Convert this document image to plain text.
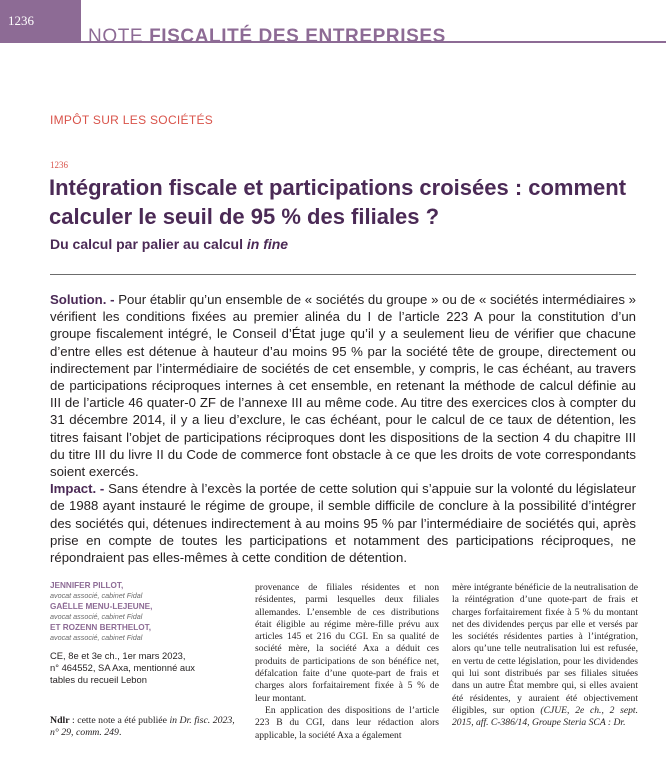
1236
NOTE FISCALITÉ DES ENTREPRISES
IMPÔT SUR LES SOCIÉTÉS
1236
Intégration fiscale et participations croisées : comment calculer le seuil de 95 % des filiales ?
Du calcul par palier au calcul in fine

Solution. - Pour établir qu’un ensemble de « sociétés du groupe » ou de « sociétés intermédiaires » vérifient les conditions fixées au premier alinéa du I de l’article 223 A pour la constitution d’un groupe fiscalement intégré, le Conseil d’État juge qu’il y a seulement lieu de vérifier que chacune d’entre elles est détenue à hauteur d’au moins 95 % par la société tête de groupe, directement ou indirectement par l’intermédiaire de sociétés de cet ensemble, y compris, le cas échéant, au travers de participations réciproques internes à cet ensemble, en retenant la méthode de calcul définie au III de l’article 46 quater-0 ZF de l’annexe III au même code. Au titre des exercices clos à compter du 31 décembre 2014, il y a lieu d’exclure, le cas échéant, pour le calcul de ce taux de détention, les titres faisant l’objet de participations réciproques dont les dispositions de la section 4 du chapitre III du titre III du livre II du Code de commerce font obstacle à ce que les droits de vote correspondants soient exercés.

Impact. - Sans étendre à l’excès la portée de cette solution qui s’appuie sur la volonté du législateur de 1988 ayant instauré le régime de groupe, il semble difficile de conclure à la possibilité d’intégrer des sociétés qui, détenues indirectement à au moins 95 % par l’intermédiaire de sociétés qui, après prise en compte de toutes les participations et notamment des participations réciproques, ne répondraient pas elles-mêmes à cette condition de détention.

JENNIFER PILLOT,
avocat associé, cabinet Fidal
GAËLLE MENU-LEJEUNE,
avocat associé, cabinet Fidal
ET ROZENN BERTHELOT,
avocat associé, cabinet Fidal

CE, 8e et 3e ch., 1er mars 2023,
n° 464552, SA Axa, mentionné aux
tables du recueil Lebon

Ndlr : cette note a été publiée in Dr. fisc. 2023, n° 29, comm. 249.

provenance de filiales résidentes et non résidentes, parmi lesquelles deux filiales allemandes. L’ensemble de ces distributions était éligible au régime mère-fille prévu aux articles 145 et 216 du CGI. En sa qualité de société mère, la société Axa a déduit ces produits de participations de son bénéfice net, défalcation faite d’une quote-part de frais et charges alors forfaitairement fixée à 5 % de leur montant.

En application des dispositions de l’article 223 B du CGI, dans leur rédaction alors applicable, la société Axa a également

mère intégrante bénéficie de la neutralisation de la réintégration d’une quote-part de frais et charges forfaitairement fixée à 5 % du montant net des dividendes perçus par elle et versés par les sociétés résidentes parties à l’intégration, alors qu’une telle neutralisation lui est refusée, en vertu de cette législation, pour les dividendes qui lui sont distribués par ses filiales situées dans un autre État membre qui, si elles avaient été résidentes, y auraient été objectivement éligibles, sur option (CJUE, 2e ch., 2 sept. 2015, aff. C-386/14, Groupe Steria SCA : Dr.
